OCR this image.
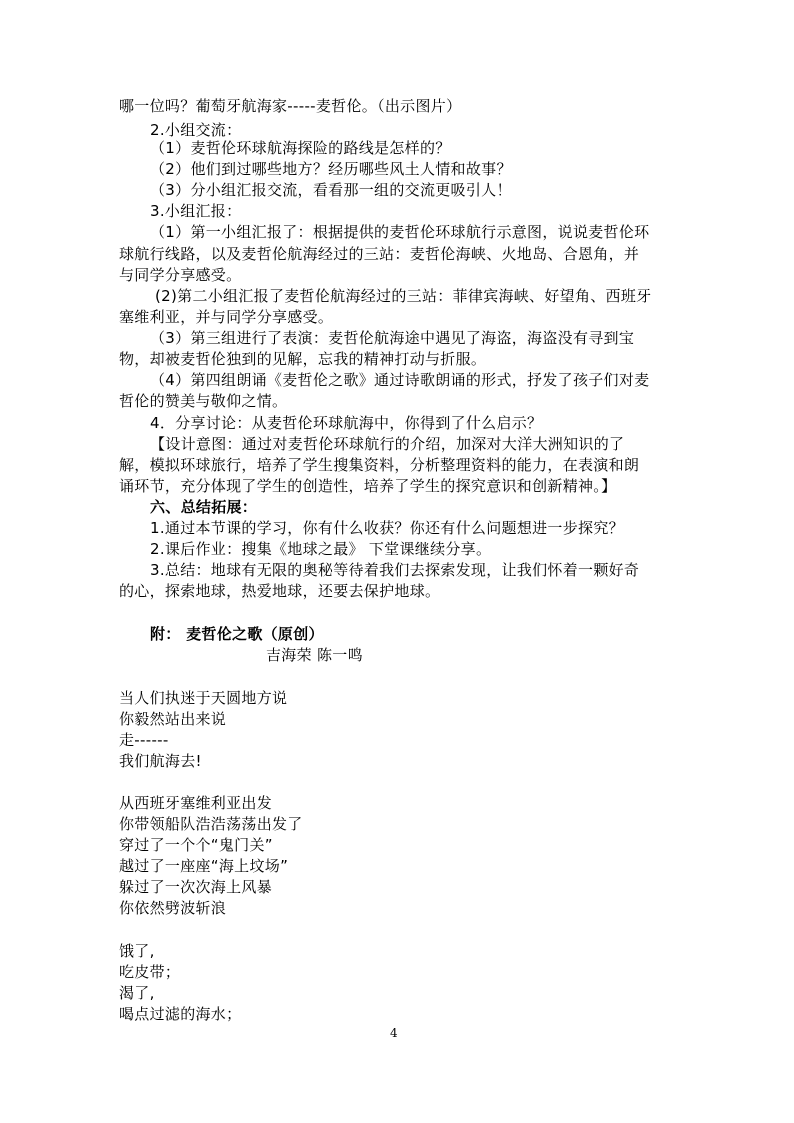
哪一位吗？葡萄牙航海家-----麦哲伦。（出示图片）
2.小组交流：
（1）麦哲伦环球航海探险的路线是怎样的？
（2）他们到过哪些地方？经历哪些风土人情和故事？
（3）分小组汇报交流，看看那一组的交流更吸引人！
3.小组汇报：
（1）第一小组汇报了：根据提供的麦哲伦环球航行示意图，说说麦哲伦环
球航行线路，以及麦哲伦航海经过的三站：麦哲伦海峡、火地岛、合恩角，并
与同学分享感受。
(2)第二小组汇报了麦哲伦航海经过的三站：菲律宾海峡、好望角、西班牙
塞维利亚，并与同学分享感受。
（3）第三组进行了表演：麦哲伦航海途中遇见了海盗，海盗没有寻到宝
物，却被麦哲伦独到的见解，忘我的精神打动与折服。
（4）第四组朗诵《麦哲伦之歌》通过诗歌朗诵的形式，抒发了孩子们对麦
哲伦的赞美与敬仰之情。
4．分享讨论：从麦哲伦环球航海中，你得到了什么启示？
【设计意图：通过对麦哲伦环球航行的介绍，加深对大洋大洲知识的了
解，模拟环球旅行，培养了学生搜集资料，分析整理资料的能力，在表演和朗
诵环节，充分体现了学生的创造性，培养了学生的探究意识和创新精神。】
六、总结拓展：
1.通过本节课的学习，你有什么收获？你还有什么问题想进一步探究？
2.课后作业：搜集《地球之最》 下堂课继续分享。
3.总结：地球有无限的奥秘等待着我们去探索发现，让我们怀着一颗好奇
的心，探索地球，热爱地球，还要去保护地球。
附： 麦哲伦之歌（原创）
吉海荣 陈一鸣
当人们执迷于天圆地方说
你毅然站出来说
走------
我们航海去!
从西班牙塞维利亚出发
你带领船队浩浩荡荡出发了
穿过了一个个“鬼门关”
越过了一座座“海上坟场”
躲过了一次次海上风暴
你依然劈波斩浪
饿了,
吃皮带；
渴了,
喝点过滤的海水；
4
